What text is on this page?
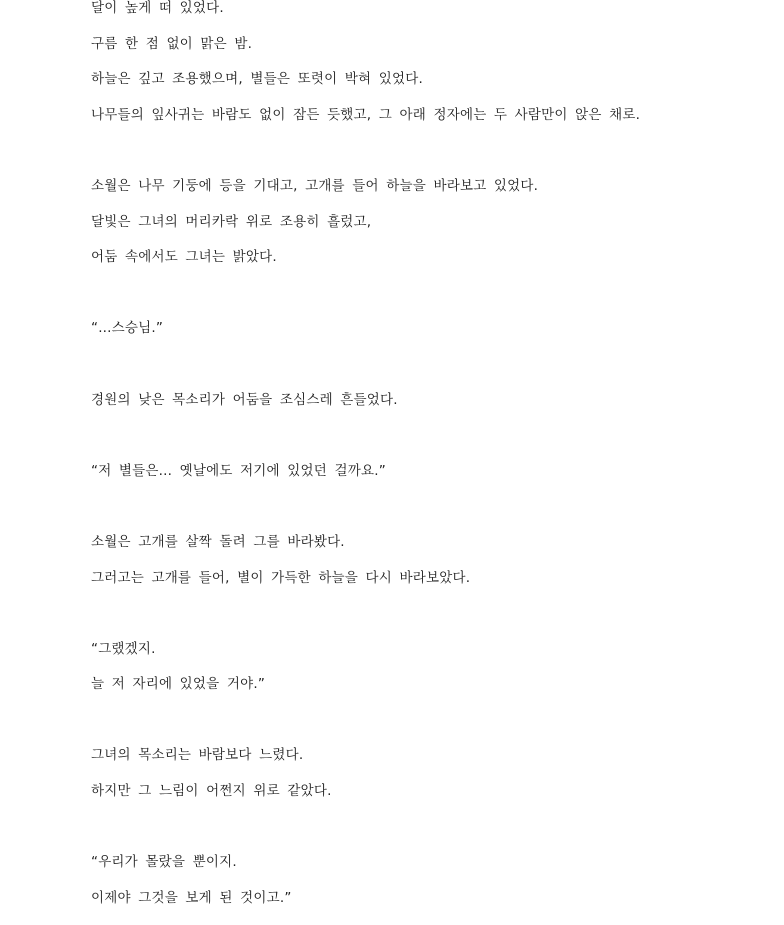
달이 높게 떠 있었다.
구름 한 점 없이 맑은 밤.
하늘은 깊고 조용했으며, 별들은 또렷이 박혀 있었다.
나무들의 잎사귀는 바람도 없이 잠든 듯했고, 그 아래 정자에는 두 사람만이 앉은 채로.
소월은 나무 기둥에 등을 기대고, 고개를 들어 하늘을 바라보고 있었다.
달빛은 그녀의 머리카락 위로 조용히 흘렀고,
어둠 속에서도 그녀는 밝았다.
“...스승님.”
경원의 낮은 목소리가 어둠을 조심스레 흔들었다.
“저 별들은... 옛날에도 저기에 있었던 걸까요.”
소월은 고개를 살짝 돌려 그를 바라봤다.
그러고는 고개를 들어, 별이 가득한 하늘을 다시 바라보았다.
“그랬겠지.
늘 저 자리에 있었을 거야.”
그녀의 목소리는 바람보다 느렸다.
하지만 그 느림이 어쩐지 위로 같았다.
“우리가 몰랐을 뿐이지.
이제야 그것을 보게 된 것이고.”
